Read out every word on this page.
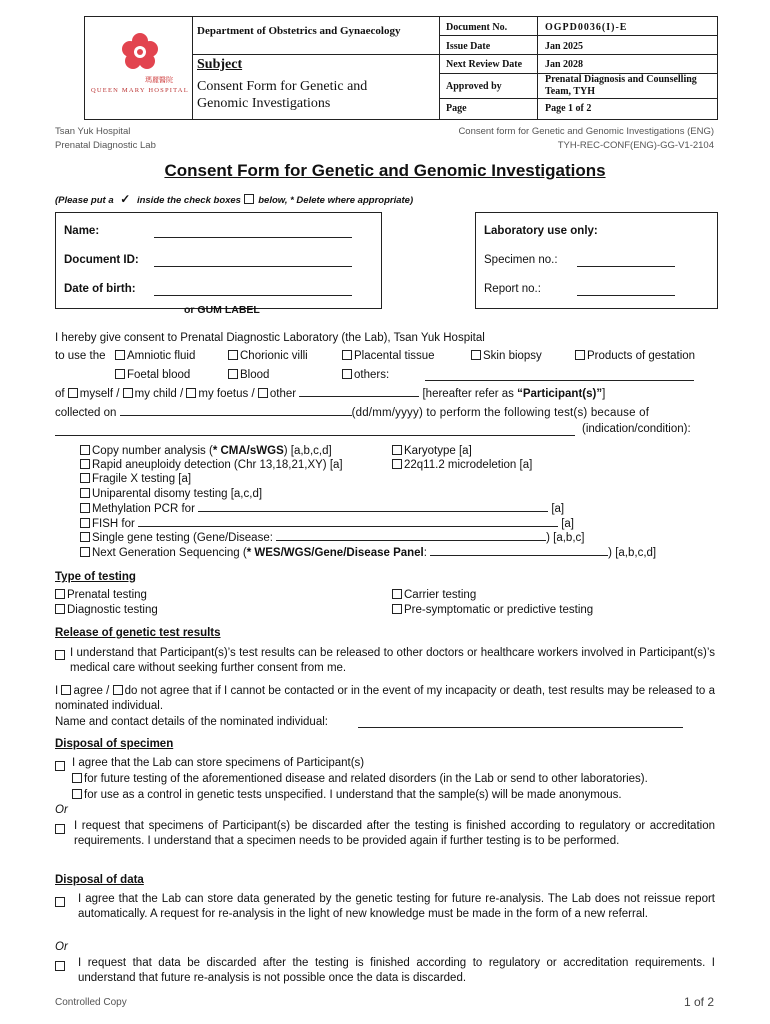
瑪麗醫院
QUEEN MARY HOSPITAL
Department of Obstetrics and Gynaecology
Subject
Consent Form for Genetic and Genomic Investigations
Document No.	OGPD0036(I)-E
Issue Date	Jan 2025
Next Review Date Jan 2028
Approved by
Prenatal Diagnosis and Counselling Team, TYH
Page	Page 1 of 2
Tsan Yuk Hospital
Prenatal Diagnostic Lab
Consent form for Genetic and Genomic Investigations (ENG)
TYH-REC-CONF(ENG)-GG-V1-2104
Consent Form for Genetic and Genomic Investigations
(Please put a ✓ inside the check boxes below, * Delete where appropriate)
Name:
Document ID:
Date of birth:
or GUM LABEL
Laboratory use only:
Specimen no.:
Report no.:
I hereby give consent to Prenatal Diagnostic Laboratory (the Lab), Tsan Yuk Hospital
to use the	Amniotic fluid	Chorionic villi	Placental tissue	Skin biopsy	Products of gestation
Foetal blood	Blood	others:
of myself / my child / my foetus / other	[hereafter refer as “Participant(s)”]
collected on	(dd/mm/yyyy) to perform the following test(s) because of
(indication/condition):
Copy number analysis (* CMA/sWGS) [a,b,c,d]	Karyotype [a]
Rapid aneuploidy detection (Chr 13,18,21,XY) [a]	22q11.2 microdeletion [a]
Fragile X testing [a]
Uniparental disomy testing [a,c,d]
Methylation PCR for	[a]
FISH for	[a]
Single gene testing (Gene/Disease:	) [a,b,c]
Next Generation Sequencing (* WES/WGS/Gene/Disease Panel:	) [a,b,c,d]
Type of testing
Prenatal testing	Carrier testing
Diagnostic testing	Pre-symptomatic or predictive testing
Release of genetic test results
I understand that Participant(s)’s test results can be released to other doctors or healthcare workers involved in Participant(s)’s medical care without seeking further consent from me.
I agree / do not agree that if I cannot be contacted or in the event of my incapacity or death, test results may be released to a nominated individual.
Name and contact details of the nominated individual:
Disposal of specimen
I agree that the Lab can store specimens of Participant(s)
for future testing of the aforementioned disease and related disorders (in the Lab or send to other laboratories).
for use as a control in genetic tests unspecified. I understand that the sample(s) will be made anonymous.
Or
I request that specimens of Participant(s) be discarded after the testing is finished according to regulatory or accreditation requirements. I understand that a specimen needs to be provided again if further testing is to be performed.
Disposal of data
I agree that the Lab can store data generated by the genetic testing for future re-analysis. The Lab does not reissue report automatically. A request for re-analysis in the light of new knowledge must be made in the form of a new referral.
Or
I request that data be discarded after the testing is finished according to regulatory or accreditation requirements. I understand that future re-analysis is not possible once the data is discarded.
Controlled Copy	1 of 2
